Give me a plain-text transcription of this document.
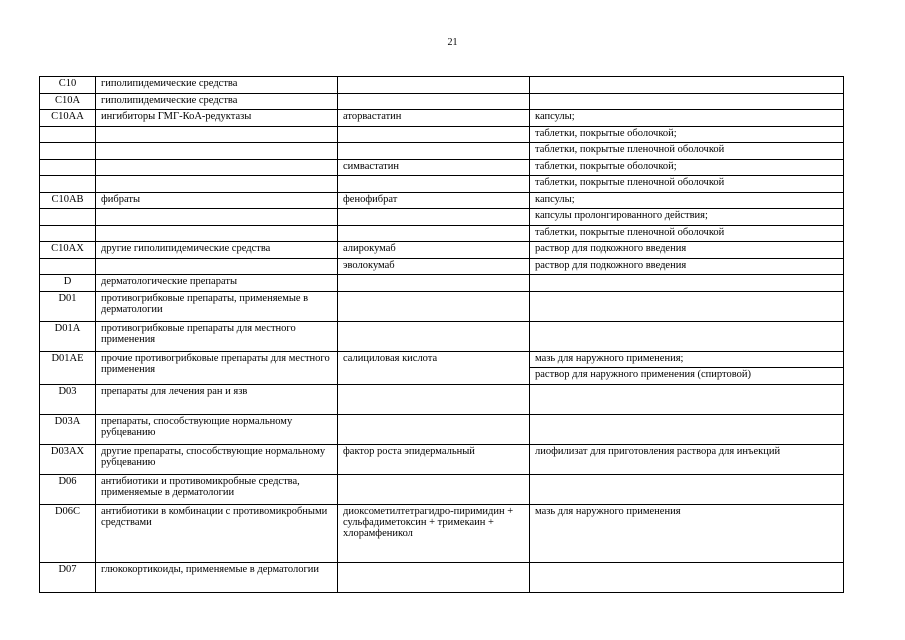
21
C10	гиполипидемические средства		
C10A	гиполипидемические средства		
C10AA	ингибиторы ГМГ-КоА-редуктазы	аторвастатин	капсулы;
			таблетки, покрытые оболочкой;
			таблетки, покрытые пленочной оболочкой
		симвастатин	таблетки, покрытые оболочкой;
			таблетки, покрытые пленочной оболочкой
C10AB	фибраты	фенофибрат	капсулы;
			капсулы пролонгированного действия;
			таблетки, покрытые пленочной оболочкой
C10AX	другие гиполипидемические средства	алирокумаб	раствор для подкожного введения
		эволокумаб	раствор для подкожного введения
D	дерматологические препараты		
D01	противогрибковые препараты, применяемые в дерматологии		
D01A	противогрибковые препараты для местного применения		
D01AE	прочие противогрибковые препараты для местного применения	салициловая кислота	мазь для наружного применения;
			раствор для наружного применения (спиртовой)
D03	препараты для лечения ран и язв		
D03A	препараты, способствующие нормальному рубцеванию		
D03AX	другие препараты, способствующие нормальному рубцеванию	фактор роста эпидермальный	лиофилизат для приготовления раствора для инъекций
D06	антибиотики и противомикробные средства, применяемые в дерматологии		
D06C	антибиотики в комбинации с противомикробными средствами	диоксометилтетрагидро-пиримидин + сульфадиметоксин + тримекаин + хлорамфеникол	мазь для наружного применения
D07	глюкокортикоиды, применяемые в дерматологии		
